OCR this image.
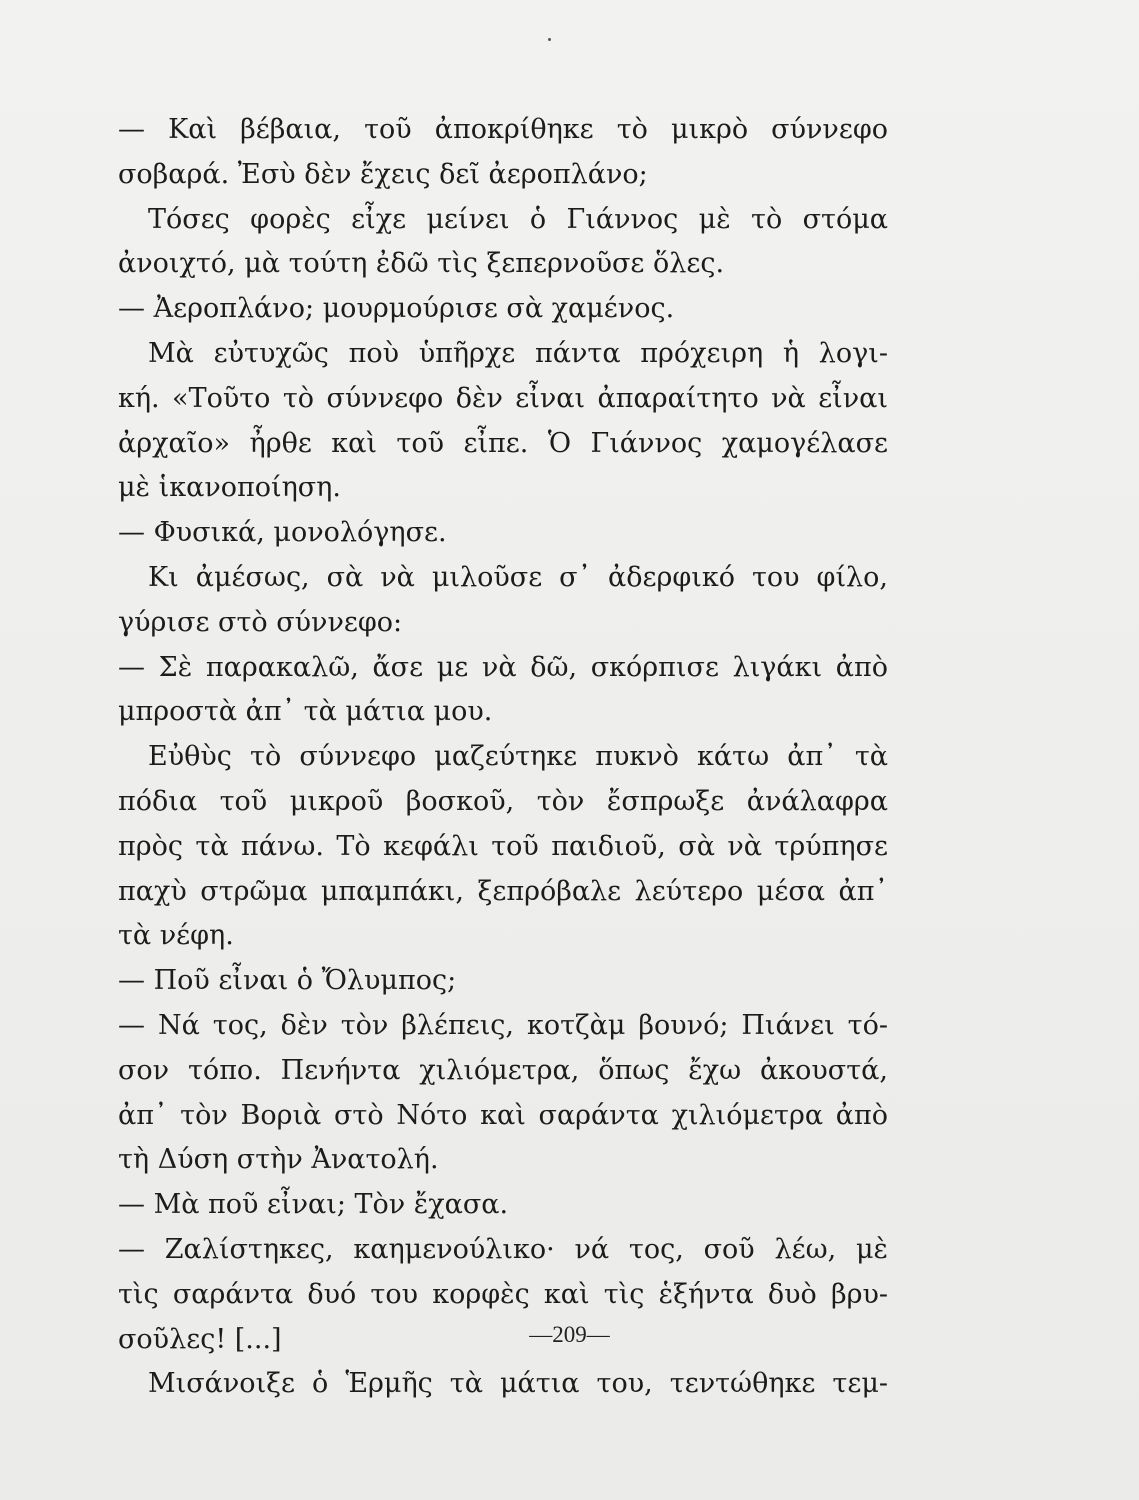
— Καὶ βέβαια, τοῦ ἀποκρίθηκε τὸ μικρὸ σύννεφο
σοβαρά. Ἐσὺ δὲν ἔχεις δεῖ ἀεροπλάνο;
Τόσες φορὲς εἶχε μείνει ὁ Γιάννος μὲ τὸ στόμα
ἀνοιχτό, μὰ τούτη ἐδῶ τὶς ξεπερνοῦσε ὅλες.
— Ἀεροπλάνο; μουρμούρισε σὰ χαμένος.
Μὰ εὐτυχῶς ποὺ ὑπῆρχε πάντα πρόχειρη ἡ λογι-
κή. «Τοῦτο τὸ σύννεφο δὲν εἶναι ἀπαραίτητο νὰ εἶναι
ἀρχαῖο» ἦρθε καὶ τοῦ εἶπε. Ὁ Γιάννος χαμογέλασε
μὲ ἱκανοποίηση.
— Φυσικά, μονολόγησε.
Κι ἀμέσως, σὰ νὰ μιλοῦσε σ᾽ ἀδερφικό του φίλο,
γύρισε στὸ σύννεφο:
— Σὲ παρακαλῶ, ἄσε με νὰ δῶ, σκόρπισε λιγάκι ἀπὸ
μπροστὰ ἀπ᾽ τὰ μάτια μου.
Εὐθὺς τὸ σύννεφο μαζεύτηκε πυκνὸ κάτω ἀπ᾽ τὰ
πόδια τοῦ μικροῦ βοσκοῦ, τὸν ἔσπρωξε ἀνάλαφρα
πρὸς τὰ πάνω. Τὸ κεφάλι τοῦ παιδιοῦ, σὰ νὰ τρύπησε
παχὺ στρῶμα μπαμπάκι, ξεπρόβαλε λεύτερο μέσα ἀπ᾽
τὰ νέφη.
— Ποῦ εἶναι ὁ Ὄλυμπος;
— Νά τος, δὲν τὸν βλέπεις, κοτζὰμ βουνό; Πιάνει τό-
σον τόπο. Πενήντα χιλιόμετρα, ὅπως ἔχω ἀκουστά,
ἀπ᾽ τὸν Βοριὰ στὸ Νότο καὶ σαράντα χιλιόμετρα ἀπὸ
τὴ Δύση στὴν Ἀνατολή.
— Μὰ ποῦ εἶναι; Τὸν ἔχασα.
— Ζαλίστηκες, καημενούλικο· νά τος, σοῦ λέω, μὲ
τὶς σαράντα δυό του κορφὲς καὶ τὶς ἑξήντα δυὸ βρυ-
σοῦλες! [...]
Μισάνοιξε ὁ Ἑρμῆς τὰ μάτια του, τεντώθηκε τεμ-
—209—
